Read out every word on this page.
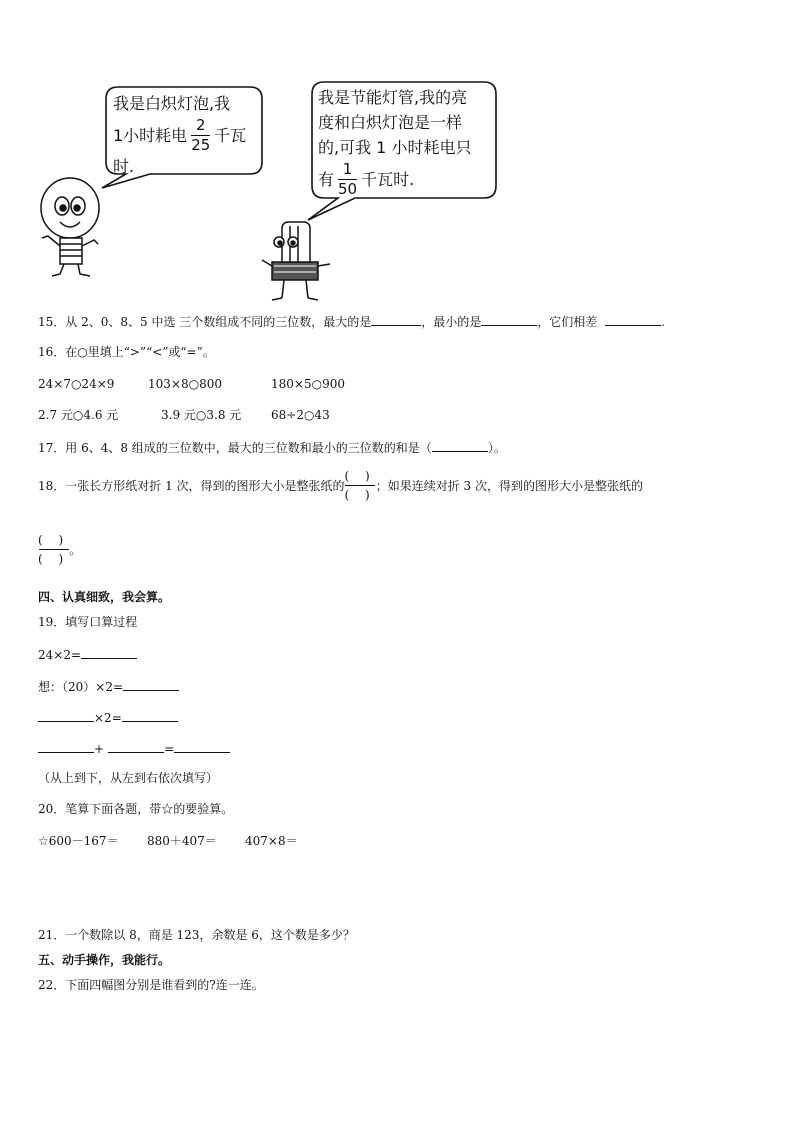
我是白炽灯泡,我
1小时耗电
2
25 千瓦
时.
我是节能灯管,我的亮
度和白炽灯泡是一样
的,可我 1 小时耗电只
有
1
50 千瓦时.
15．从 2、0、8、5 中选 三个数组成不同的三位数，最大的是	，最小的是	，它们相差	.
16．在○里填上“>”“<”或“=”。
24×7○24×9	103×8○800	180×5○900
2.7 元○4.6 元	3.9 元○3.8 元 68÷2○43
17．用 6、4、8 组成的三位数中，最大的三位数和最小的三位数的和是（	）。
18．一张长方形纸对折 1 次，得到的图形大小是整张纸的
( )
( )
；如果连续对折 3 次，得到的图形大小是整张纸的
( )
( )
。
四、认真细致，我会算。
19．填写口算过程
24×2=
想：（20）×2=
×2=
+	=
（从上到下，从左到右依次填写）
20．笔算下面各题，带☆的要验算。
☆600－167＝ 880＋407＝ 407×8＝
21．一个数除以 8，商是 123，余数是 6，这个数是多少？
五、动手操作，我能行。
22．下面四幅图分别是谁看到的?连一连。
